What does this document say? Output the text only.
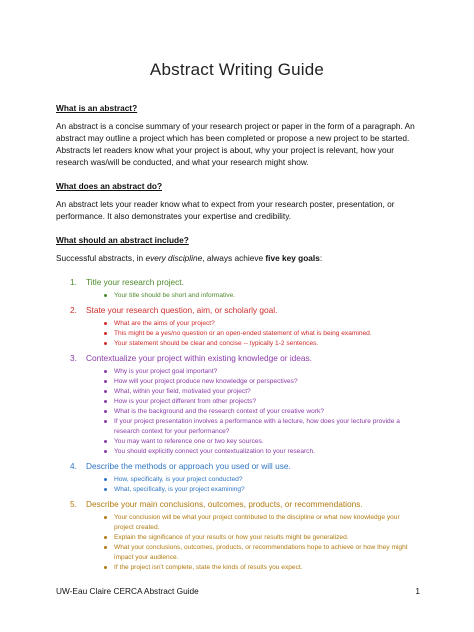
Abstract Writing Guide

What is an abstract?

An abstract is a concise summary of your research project or paper in the form of a paragraph. An abstract may outline a project which has been completed or propose a new project to be started. Abstracts let readers know what your project is about, why your project is relevant, how your research was/will be conducted, and what your research might show.

What does an abstract do?

An abstract lets your reader know what to expect from your research poster, presentation, or performance. It also demonstrates your expertise and credibility.

What should an abstract include?

Successful abstracts, in every discipline, always achieve five key goals:

1. Title your research project.
Your title should be short and informative.
2. State your research question, aim, or scholarly goal.
What are the aims of your project?
This might be a yes/no question or an open-ended statement of what is being examined.
Your statement should be clear and concise -- typically 1-2 sentences.
3. Contextualize your project within existing knowledge or ideas.
Why is your project goal important?
How will your project produce new knowledge or perspectives?
What, within your field, motivated your project?
How is your project different from other projects?
What is the background and the research context of your creative work?
If your project presentation involves a performance with a lecture, how does your lecture provide a research context for your performance?
You may want to reference one or two key sources.
You should explicitly connect your contextualization to your research.
4. Describe the methods or approach you used or will use.
How, specifically, is your project conducted?
What, specifically, is your project examining?
5. Describe your main conclusions, outcomes, products, or recommendations.
Your conclusion will be what your project contributed to the discipline or what new knowledge your project created.
Explain the significance of your results or how your results might be generalized.
What your conclusions, outcomes, products, or recommendations hope to achieve or how they might impact your audience.
If the project isn't complete, state the kinds of results you expect.
UW-Eau Claire CERCA Abstract Guide	1
